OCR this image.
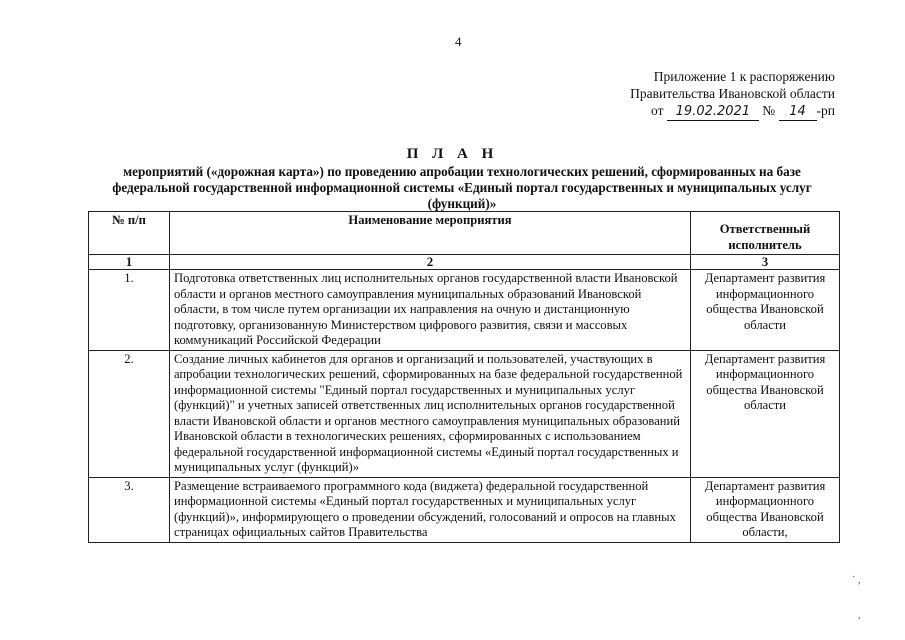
4
Приложение 1 к распоряжению
Правительства Ивановской области
от 19.02.2021 № 14 -рп
П Л А Н
мероприятий («дорожная карта») по проведению апробации технологических решений, сформированных на базе федеральной государственной информационной системы «Единый портал государственных и муниципальных услуг (функций)»
№ п/п	Наименование мероприятия	Ответственный исполнитель
1	2	3
1.	Подготовка ответственных лиц исполнительных органов государственной власти Ивановской области и органов местного самоуправления муниципальных образований Ивановской области, в том числе путем организации их направления на очную и дистанционную подготовку, организованную Министерством цифрового развития, связи и массовых коммуникаций Российской Федерации	Департамент развития информационного общества Ивановской области
2.	Создание личных кабинетов для органов и организаций и пользователей, участвующих в апробации технологических решений, сформированных на базе федеральной государственной информационной системы "Единый портал государственных и муниципальных услуг (функций)" и учетных записей ответственных лиц исполнительных органов государственной власти Ивановской области и органов местного самоуправления муниципальных образований Ивановской области в технологических решениях, сформированных с использованием федеральной государственной информационной системы «Единый портал государственных и муниципальных услуг (функций)»	Департамент развития информационного общества Ивановской области
3.	Размещение встраиваемого программного кода (виджета) федеральной государственной информационной системы «Единый портал государственных и муниципальных услуг (функций)», информирующего о проведении обсуждений, голосований и опросов на главных страницах официальных сайтов Правительства	Департамент развития информационного общества Ивановской области,
˙ ,
,
